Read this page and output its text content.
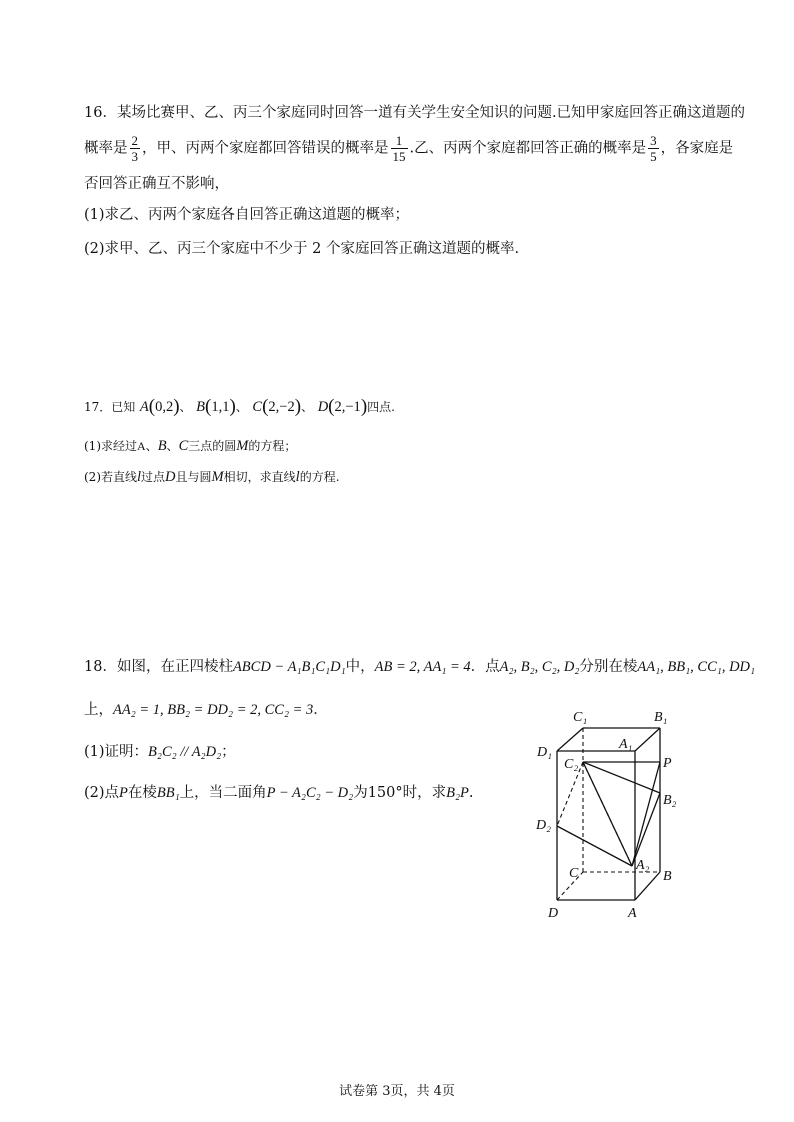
16．某场比赛甲、乙、丙三个家庭同时回答一道有关学生安全知识的问题.已知甲家庭回答正确这道题的
概率是 $\frac{2}{3}$ ，甲、丙两个家庭都回答错误的概率是 $\frac{1}{15}$ .乙、丙两个家庭都回答正确的概率是 $\frac{3}{5}$ ，各家庭是
否回答正确互不影响，
(1)求乙、丙两个家庭各自回答正确这道题的概率；
(2)求甲、乙、丙三个家庭中不少于 2 个家庭回答正确这道题的概率.
17．已知 A(0,2)、 B(1,1)、 C(2,−2)、 D(2,−1)四点.
(1)求经过A、B、C三点的圆M的方程；
(2)若直线l过点D且与圆M相切，求直线l的方程.
18．如图，在正四棱柱ABCD − A₁B₁C₁D₁中，AB = 2, AA₁ = 4．点A₂, B₂, C₂, D₂分别在棱AA₁, BB₁, CC₁, DD₁
上，AA₂ = 1, BB₂ = DD₂ = 2, CC₂ = 3．
(1)证明：B₂C₂ // A₂D₂；
(2)点P在棱BB₁上，当二面角P − A₂C₂ − D₂为150°时，求B₂P.
C₁	B₁
A₁
D₁
C₂	P
B₂
D₂
A₂
C	B
D	A
试卷第 3页，共 4页
